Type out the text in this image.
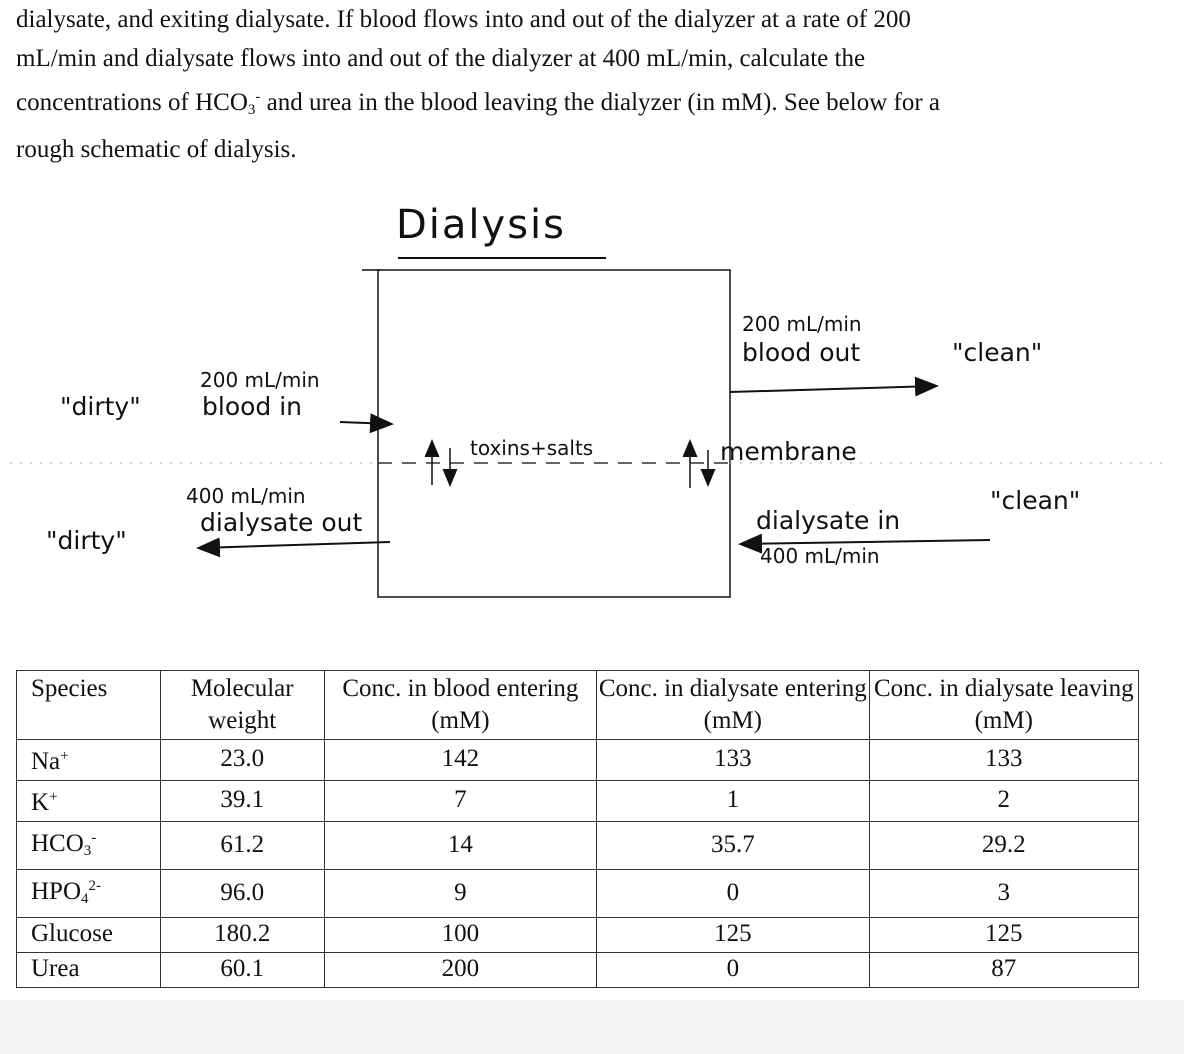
dialysate, and exiting dialysate. If blood flows into and out of the dialyzer at a rate of 200

mL/min and dialysate flows into and out of the dialyzer at 400 mL/min, calculate the

concentrations of $HCO_3^-$ and urea in the blood leaving the dialyzer (in mM). See below for a

rough schematic of dialysis.

Dialysis
200 mL/min
"dirty" blood in
200 mL/min
blood out	"clean"
toxins+salts	membrane
400 mL/min
dialysate out
"dirty"
dialysate in
"clean"
400 mL/min
Species	Molecular weight	Conc. in blood entering (mM)	Conc. in dialysate entering (mM)	Conc. in dialysate leaving (mM)
Na+	23.0	142	133	133
K+	39.1	7	1	2
$HCO_3^-$	61.2	14	35.7	29.2
$HPO_4^{2-}$	96.0	9	0	3
Glucose	180.2	100	125	125
Urea	60.1	200	0	87
